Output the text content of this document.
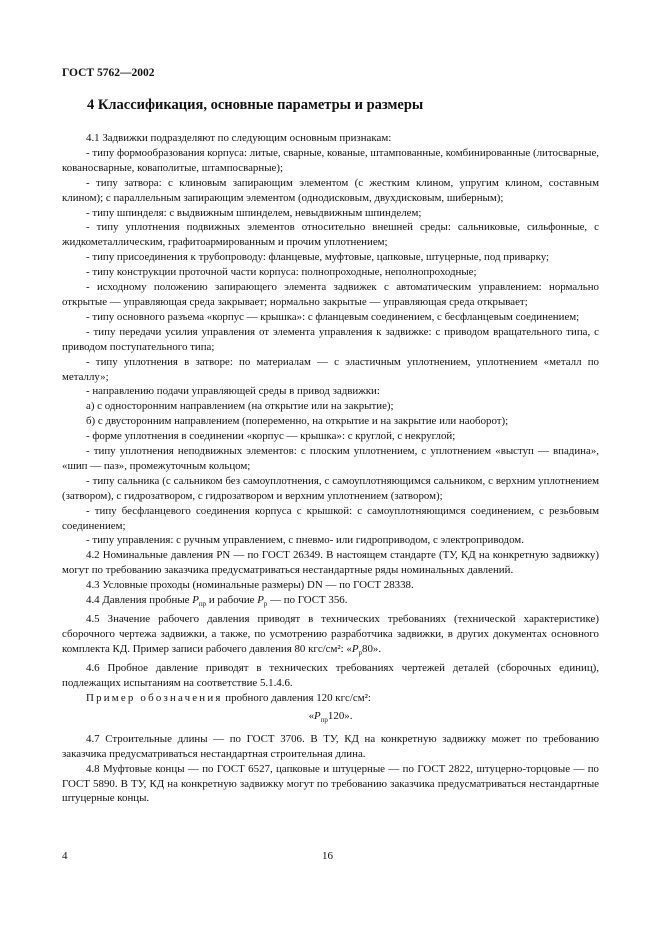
ГОСТ 5762—2002
4 Классификация, основные параметры и размеры

4.1 Задвижки подразделяют по следующим основным признакам:

- типу формообразования корпуса: литые, сварные, кованые, штампованные, комбинированные (литосварные, кованосварные, коваполитые, штампосварные);

- типу затвора: с клиновым запирающим элементом (с жестким клином, упругим клином, составным клином); с параллельным запирающим элементом (однодисковым, двухдисковым, шиберным);

- типу шпинделя: с выдвижным шпинделем, невыдвижным шпинделем;

- типу уплотнения подвижных элементов относительно внешней среды: сальниковые, сильфонные, с жидкометаллическим, графитоармированным и прочим уплотнением;

- типу присоединения к трубопроводу: фланцевые, муфтовые, цапковые, штуцерные, под приварку;

- типу конструкции проточной части корпуса: полнопроходные, неполнопроходные;

- исходному положению запирающего элемента задвижек с автоматическим управлением: нормально открытые — управляющая среда закрывает; нормально закрытые — управляющая среда открывает;

- типу основного разъема «корпус — крышка»: с фланцевым соединением, с бесфланцевым соединением;

- типу передачи усилия управления от элемента управления к задвижке: с приводом вращательного типа, с приводом поступательного типа;

- типу уплотнения в затворе: по материалам — с эластичным уплотнением, уплотнением «металл по металлу»;

- направлению подачи управляющей среды в привод задвижки:

а) с односторонним направлением (на открытие или на закрытие);

б) с двусторонним направлением (попеременно, на открытие и на закрытие или наоборот);

- форме уплотнения в соединении «корпус — крышка»: с круглой, с некруглой;

- типу уплотнения неподвижных элементов: с плоским уплотнением, с уплотнением «выступ — впадина», «шип — паз», промежуточным кольцом;

- типу сальника (с сальником без самоуплотнения, с самоуплотняющимся сальником, с верхним уплотнением (затвором), с гидрозатвором, с гидрозатвором и верхним уплотнением (затвором);

- типу бесфланцевого соединения корпуса с крышкой: с самоуплотняющимся соединением, с резьбовым соединением;

- типу управления: с ручным управлением, с пневмо- или гидроприводом, с электроприводом.

4.2 Номинальные давления PN — по ГОСТ 26349. В настоящем стандарте (ТУ, КД на конкретную задвижку) могут по требованию заказчика предусматриваться нестандартные ряды номинальных давлений.

4.3 Условные проходы (номинальные размеры) DN — по ГОСТ 28338.

4.4 Давления пробные $P_{пр}$ и рабочие $P_р$ — по ГОСТ 356.

4.5 Значение рабочего давления приводят в технических требованиях (технической характеристике) сборочного чертежа задвижки, а также, по усмотрению разработчика задвижки, в других документах основного комплекта КД. Пример записи рабочего давления 80 кгс/см²: «$P_р80$».

4.6 Пробное давление приводят в технических требованиях чертежей деталей (сборочных единиц), подлежащих испытаниям на соответствие 5.1.4.6.

Пример обозначения пробного давления 120 кгс/см²:

«$P_{пр}120$».

4.7 Строительные длины — по ГОСТ 3706. В ТУ, КД на конкретную задвижку может по требованию заказчика предусматриваться нестандартная строительная длина.

4.8 Муфтовые концы — по ГОСТ 6527, цапковые и штуцерные — по ГОСТ 2822, штуцерно-торцовые — по ГОСТ 5890. В ТУ, КД на конкретную задвижку могут по требованию заказчика предусматриваться нестандартные штуцерные концы.

4	16
